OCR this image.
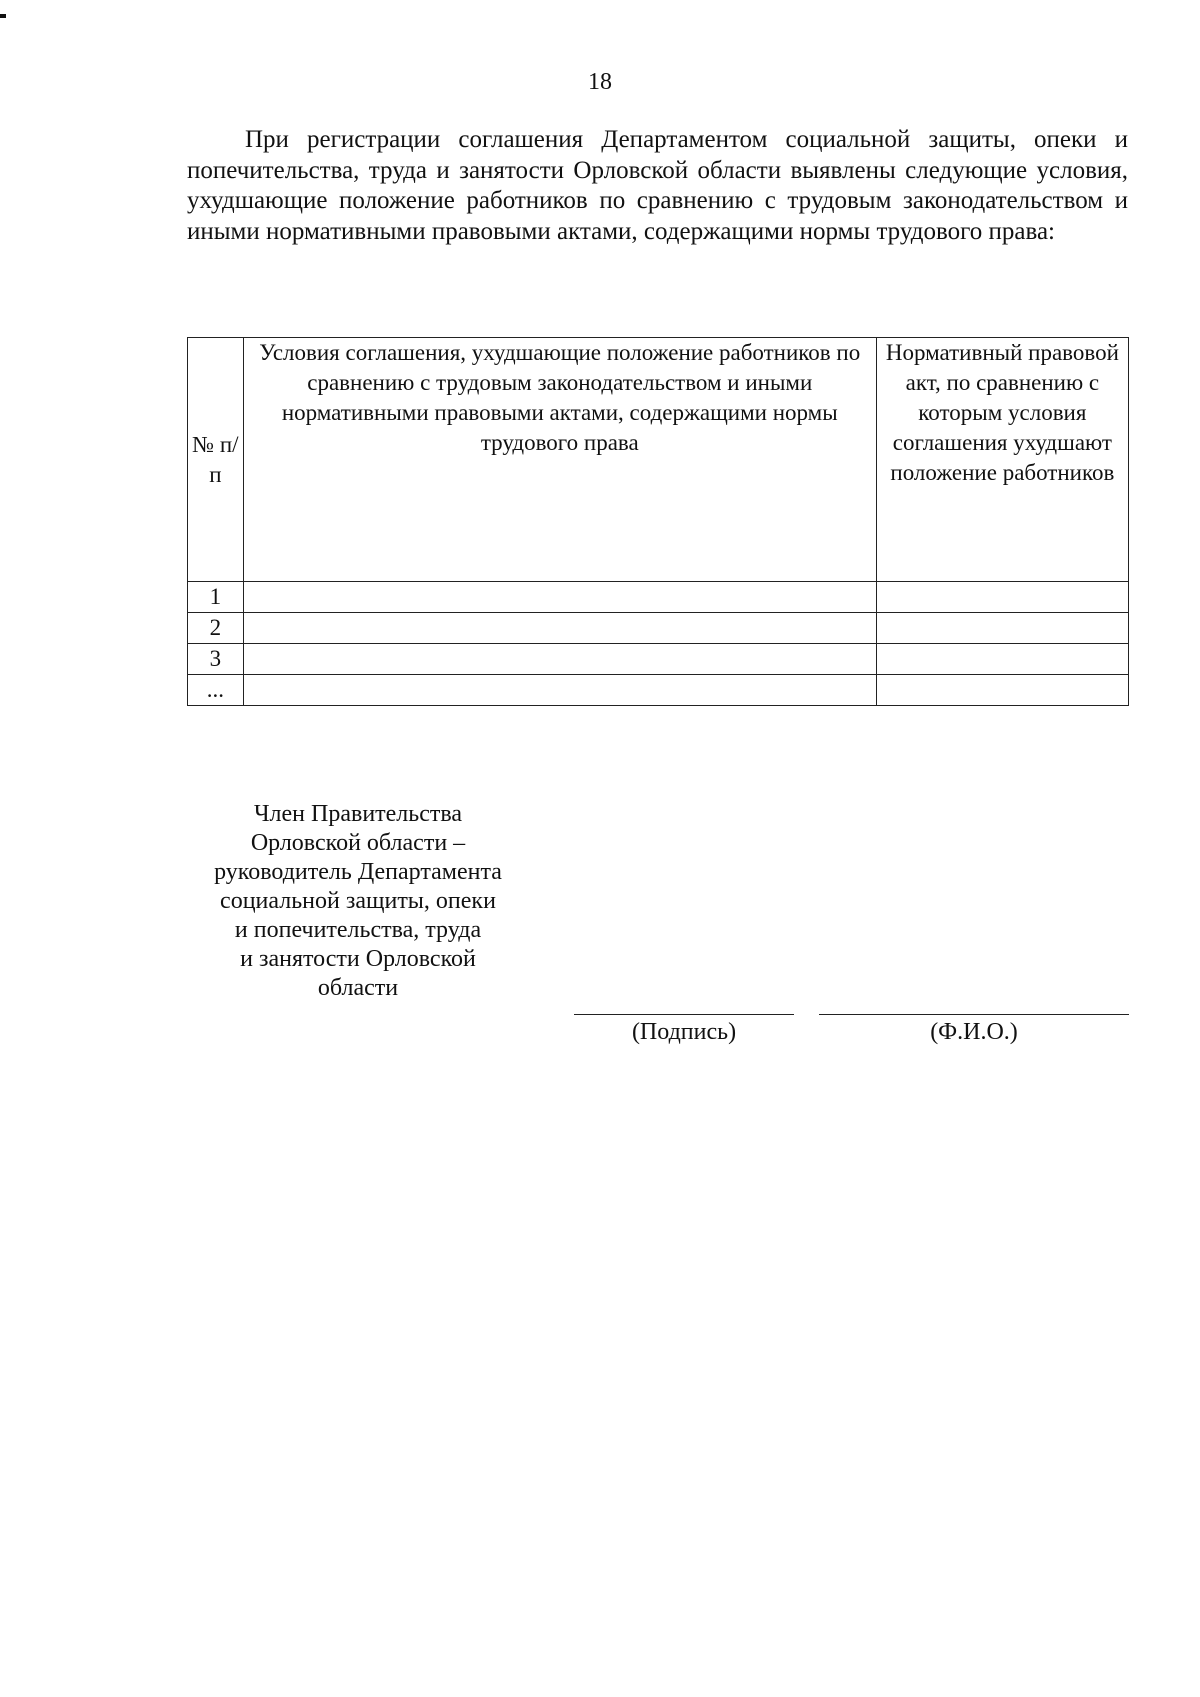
18

При регистрации соглашения Департаментом социальной защиты, опеки и попечительства, труда и занятости Орловской области выявлены следующие условия, ухудшающие положение работников по сравнению с трудовым законодательством и иными нормативными правовыми актами, содержащими нормы трудового права:

№ п/п	Условия соглашения, ухудшающие положение работников по сравнению с трудовым законодательством и иными нормативными правовыми актами, содержащими нормы трудового права	Нормативный правовой акт, по сравнению с которым условия соглашения ухудшают положение работников
1		
2		
3		
...		
Член Правительства
Орловской области –
руководитель Департамента
социальной защиты, опеки
и попечительства, труда
и занятости Орловской
области
(Подпись)	(Ф.И.О.)
